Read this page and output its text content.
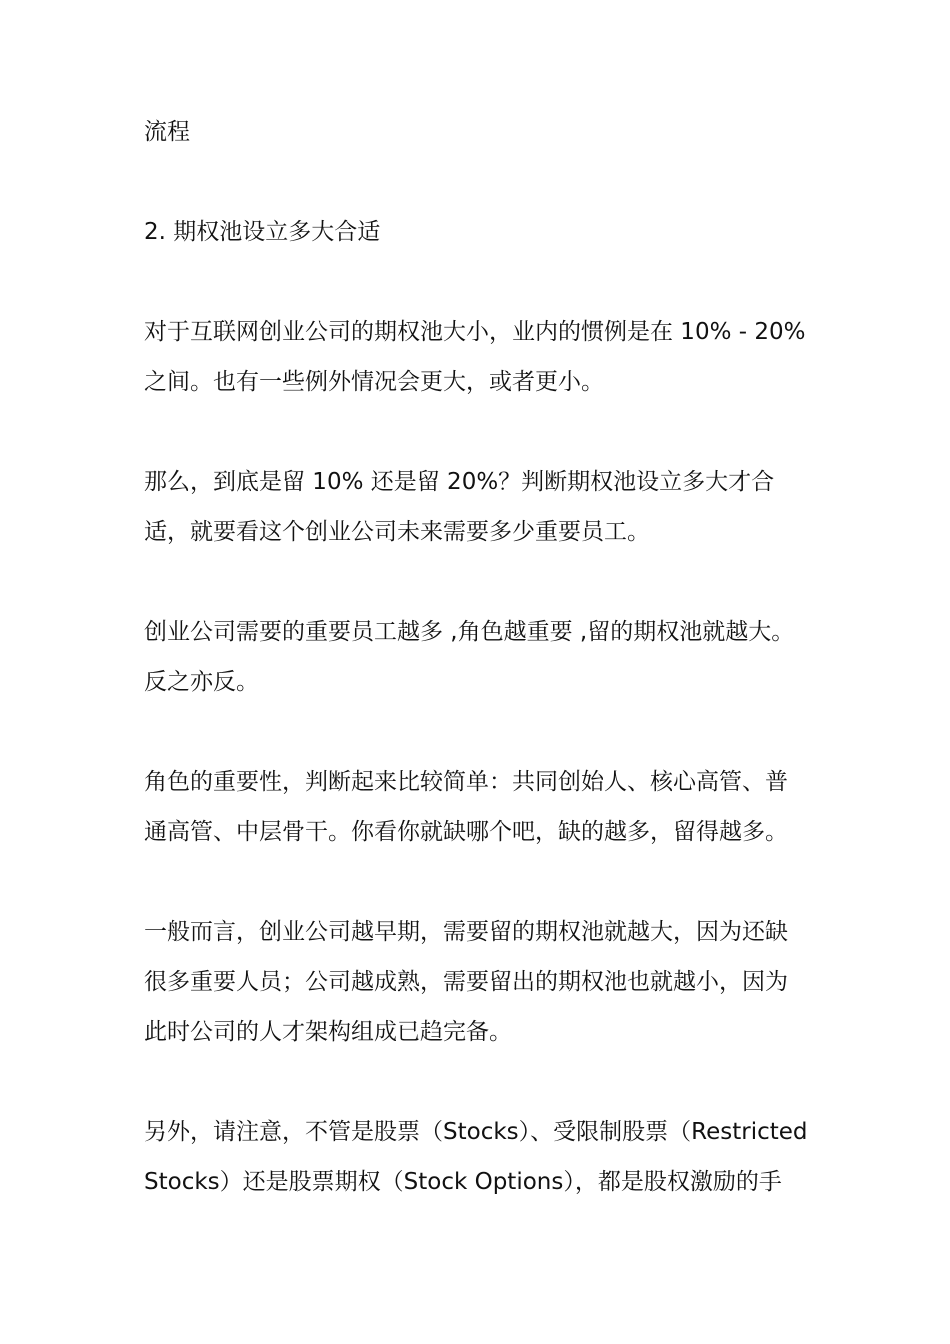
流程

2. 期权池设立多大合适

对于互联网创业公司的期权池大小，业内的惯例是在 10% - 20%
之间。也有一些例外情况会更大，或者更小。

那么，到底是留 10% 还是留 20%？判断期权池设立多大才合
适，就要看这个创业公司未来需要多少重要员工。

创业公司需要的重要员工越多 ,角色越重要 ,留的期权池就越大。
反之亦反。

角色的重要性，判断起来比较简单：共同创始人、核心高管、普
通高管、中层骨干。你看你就缺哪个吧，缺的越多，留得越多。

一般而言，创业公司越早期，需要留的期权池就越大，因为还缺
很多重要人员；公司越成熟，需要留出的期权池也就越小，因为
此时公司的人才架构组成已趋完备。

另外，请注意，不管是股票（Stocks）、受限制股票（Restricted
Stocks）还是股票期权（Stock Options），都是股权激励的手
